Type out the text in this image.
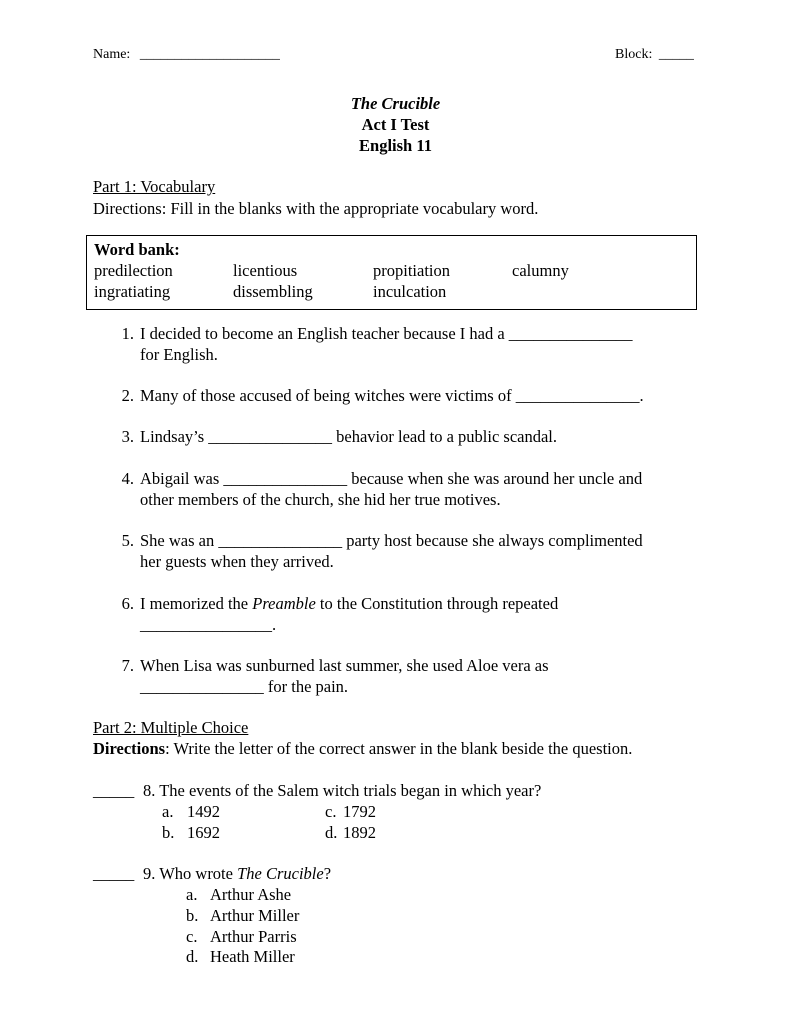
Name: ____________________	Block: _____
The Crucible
Act I Test
English 11
Part 1: Vocabulary
Directions: Fill in the blanks with the appropriate vocabulary word.
Word bank:
predilection	licentious	propitiation	calumny
ingratiating	dissembling	inculcation
1. I decided to become an English teacher because I had a _______________
for English.
2. Many of those accused of being witches were victims of _______________.
3. Lindsay’s _______________ behavior lead to a public scandal.
4. Abigail was _______________ because when she was around her uncle and
other members of the church, she hid her true motives.
5. She was an _______________ party host because she always complimented
her guests when they arrived.
6. I memorized the Preamble to the Constitution through repeated
________________.
7. When Lisa was sunburned last summer, she used Aloe vera as
_______________ for the pain.
Part 2: Multiple Choice
Directions: Write the letter of the correct answer in the blank beside the question.
_____ 8. The events of the Salem witch trials began in which year?
a. 1492	c. 1792
b. 1692	d. 1892
_____ 9. Who wrote The Crucible?
a. Arthur Ashe
b. Arthur Miller
c. Arthur Parris
d. Heath Miller
